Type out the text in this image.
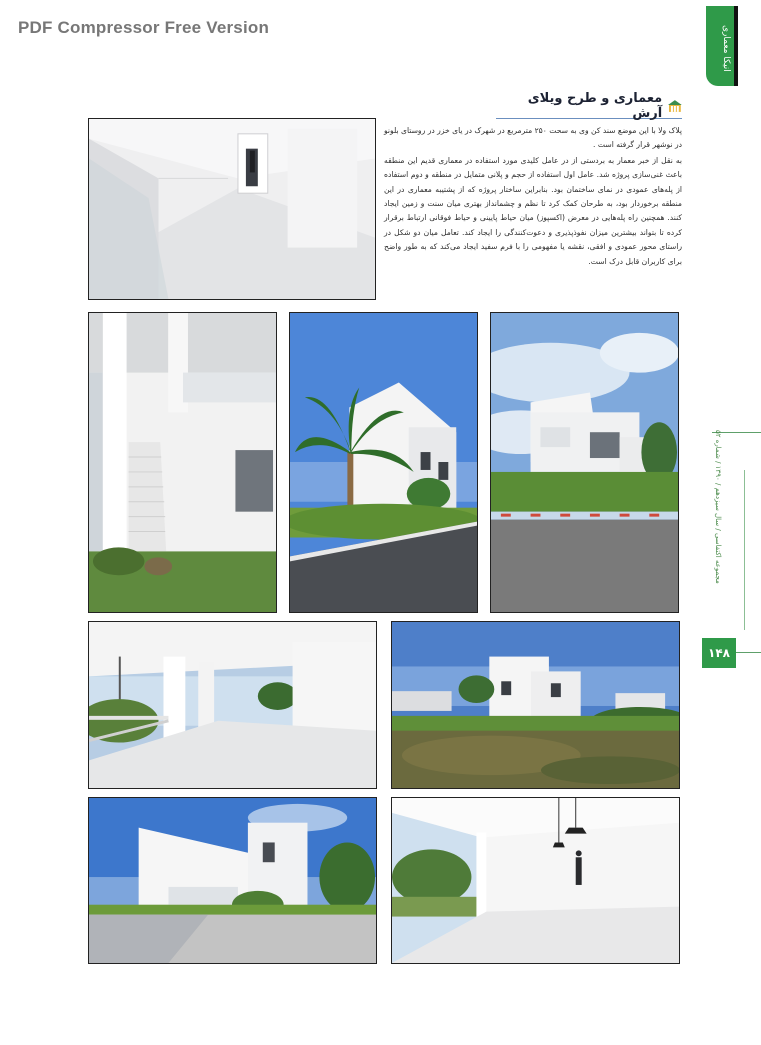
PDF Compressor Free Version	انیکا معماری
معماری و طرح ویلای آرش

پلاک ولا با این موضع سند کن وی به سحت ۲۵۰ مترمربع در شهرک در یای خزر در روستای بلونو در نوشهر قرار گرفته است .

به نقل از خبر معمار به بردستی از در عامل کلیدی مورد استفاده در معماری قدیم این منطقه باعث غنی‌سازی پروژه شد. عامل اول استفاده از حجم و پلانی متمایل در منطقه و دوم استفاده از پله‌های عمودی در نمای ساختمان بود. بنابراین ساختار پروژه که از پشتیبه معماری در این منطقه برخوردار بود، به طرحان کمک کرد تا نظم و چشمانداز بهتری میان سنت و زمین ایجاد کنند. همچنین راه پله‌هایی در معرض (اکسپوز) میان حیاط پایینی و حیاط فوقانی ارتباط برقرار کرده تا بتواند بیشترین میزان نفوذپذیری و دعوت‌کنندگی را ایجاد کند. تعامل میان دو شکل در راستای محور عمودی و افقی، نقشه یا مفهومی را با فرم سفید ایجاد می‌کند که به طور واضح برای کاربران قابل درک است.

مجموعه اکتفاسی / سال سیزدهم / ۱۳۹۰ / شماره ۵۲
۱۴۸
